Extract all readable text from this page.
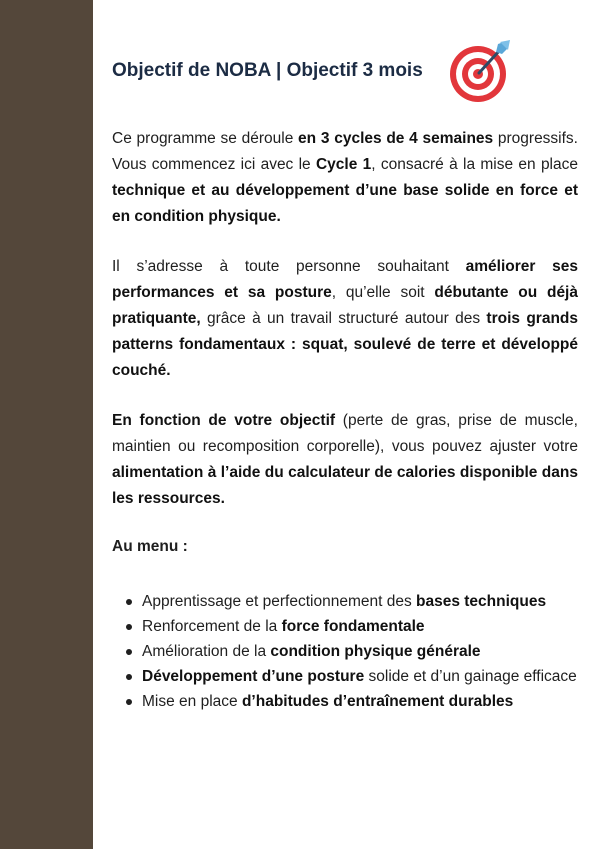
Objectif de NOBA | Objectif 3 mois

Ce programme se déroule en 3 cycles de 4 semaines progressifs. Vous commencez ici avec le Cycle 1, consacré à la mise en place technique et au développement d’une base solide en force et en condition physique.

Il s’adresse à toute personne souhaitant améliorer ses performances et sa posture, qu’elle soit débutante ou déjà pratiquante, grâce à un travail structuré autour des trois grands patterns fondamentaux : squat, soulevé de terre et développé couché.

En fonction de votre objectif (perte de gras, prise de muscle, maintien ou recomposition corporelle), vous pouvez ajuster votre alimentation à l’aide du calculateur de calories disponible dans les ressources.

Au menu :
Apprentissage et perfectionnement des bases techniques
Renforcement de la force fondamentale
Amélioration de la condition physique générale
Développement d’une posture solide et d’un gainage efficace
Mise en place d’habitudes d’entraînement durables
